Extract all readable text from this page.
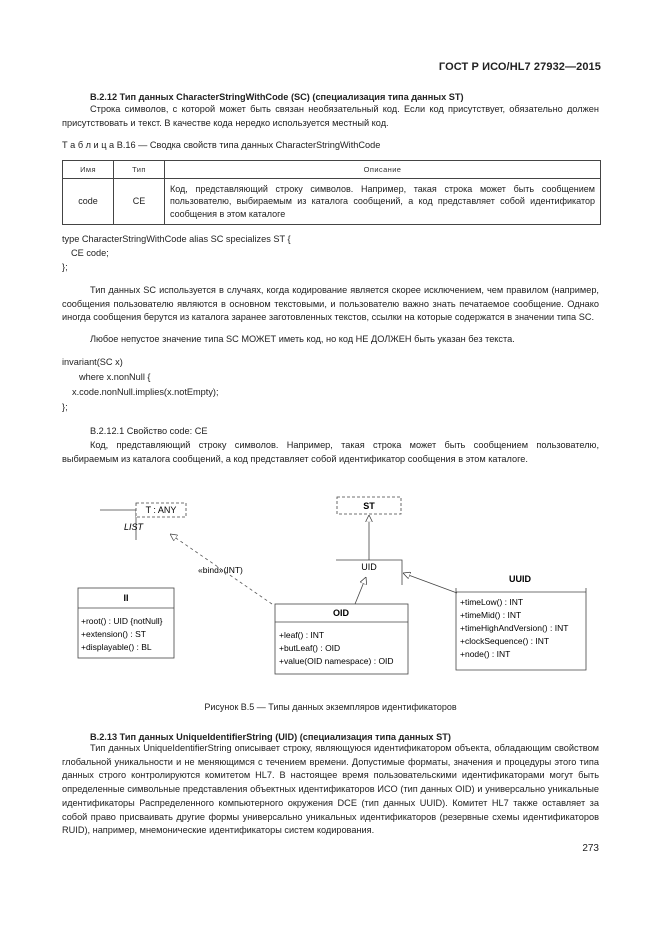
ГОСТ Р ИСО/HL7 27932—2015
B.2.12 Тип данных CharacterStringWithCode (SC) (специализация типа данных ST)
Строка символов, с которой может быть связан необязательный код. Если код присутствует, обязательно должен присутствовать и текст. В качестве кода нередко используется местный код.
Т а б л и ц а B.16 — Сводка свойств типа данных CharacterStringWithCode
Имя	Тип	Описание
code	CE	Код, представляющий строку символов. Например, такая строка может быть сообщением пользователю, выбираемым из каталога сообщений, а код представляет собой идентификатор сообщения в этом каталоге
type CharacterStringWithCode alias SC specializes ST {
CE code;
};
Тип данных SC используется в случаях, когда кодирование является скорее исключением, чем правилом (например, сообщения пользователю являются в основном текстовыми, и пользователю важно знать печатаемое сообщение. Однако иногда сообщения берутся из каталога заранее заготовленных текстов, ссылки на которые содержатся в значении типа SC.
Любое непустое значение типа SC МОЖЕТ иметь код, но код НЕ ДОЛЖЕН быть указан без текста.
invariant(SC x)
where x.nonNull {
x.code.nonNull.implies(x.notEmpty);
};
B.2.12.1 Свойство code: CE
Код, представляющий строку символов. Например, такая строка может быть сообщением пользователю, выбираемым из каталога сообщений, а код представляет собой идентификатор сообщения в этом каталоге.
T : ANY
LIST
«bind»(INT)
ST
UID
II
+root() : UID {notNull}
+extension() : ST
+displayable() : BL
OID
+leaf() : INT
+butLeaf() : OID
+value(OID namespace) : OID
UUID
+timeLow() : INT
+timeMid() : INT
+timeHighAndVersion() : INT
+clockSequence() : INT
+node() : INT
Рисунок B.5 — Типы данных экземпляров идентификаторов
B.2.13 Тип данных UniqueIdentifierString (UID) (специализация типа данных ST)
Тип данных UniqueIdentifierString описывает строку, являющуюся идентификатором объекта, обладающим свойством глобальной уникальности и не меняющимся с течением времени. Допустимые форматы, значения и процедуры этого типа данных строго контролируются комитетом HL7. В настоящее время пользовательскими идентификаторами могут быть определенные символьные представления объектных идентификаторов ИСО (тип данных OID) и универсально уникальные идентификаторы Распределенного компьютерного окружения DCE (тип данных UUID). Комитет HL7 также оставляет за собой право присваивать другие формы универсально уникальных идентификаторов (резервные схемы идентификаторов RUID), например, мнемонические идентификаторы систем кодирования.
273
